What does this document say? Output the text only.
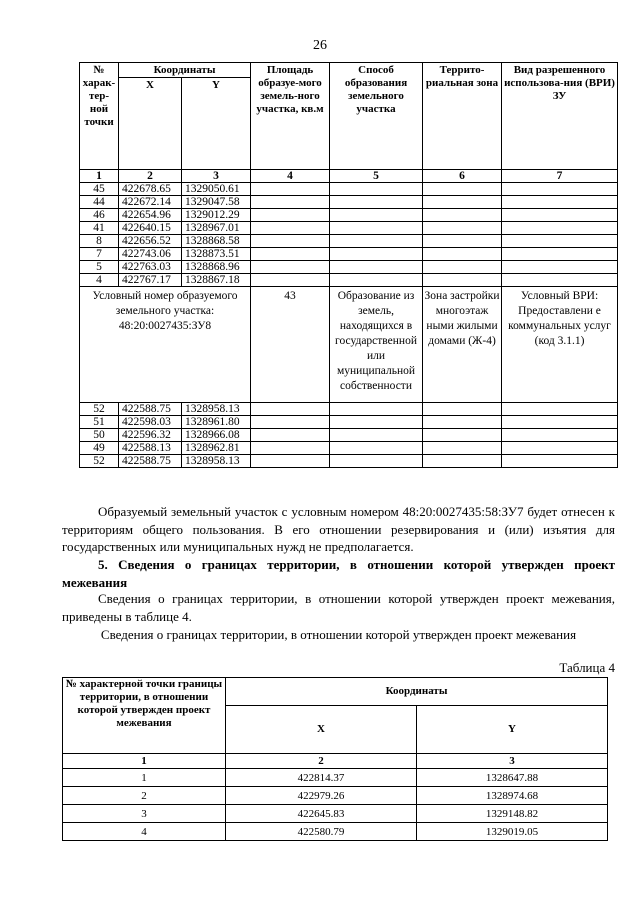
26
№ харак-тер-ной точки	Координаты		Площадь образуе-мого земель-ного участка, кв.м	Способ образования земельного участка	Террито-риальная зона	Вид разрешенного использова-ния (ВРИ) ЗУ
	X	Y				
1	2	3	4	5	6	7
45	422678.65	1329050.61				
44	422672.14	1329047.58				
46	422654.96	1329012.29				
41	422640.15	1328967.01				
8	422656.52	1328868.58				
7	422743.06	1328873.51				
5	422763.03	1328868.96				
4	422767.17	1328867.18				
Условный номер образуемого земельного участка: 48:20:0027435:ЗУ8			43	Образование из земель, находящихся в государственной или муниципальной собственности	Зона застройки многоэтаж ными жилыми домами (Ж-4)	Условный ВРИ: Предоставлени е коммунальных услуг (код 3.1.1)
52	422588.75	1328958.13				
51	422598.03	1328961.80				
50	422596.32	1328966.08				
49	422588.13	1328962.81				
52	422588.75	1328958.13				
Образуемый земельный участок с условным номером 48:20:0027435:58:ЗУ7 будет отнесен к территориям общего пользования. В его отношении резервирования и (или) изъятия для государственных или муниципальных нужд не предполагается.
5. Сведения о границах территории, в отношении которой утвержден проект межевания
Сведения о границах территории, в отношении которой утвержден проект межевания, приведены в таблице 4.
Сведения о границах территории, в отношении которой утвержден проект межевания
Таблица 4
№ характерной точки границы территории, в отношении которой утвержден проект межевания	Координаты	
	X	Y
1	2	3
1	422814.37	1328647.88
2	422979.26	1328974.68
3	422645.83	1329148.82
4	422580.79	1329019.05
